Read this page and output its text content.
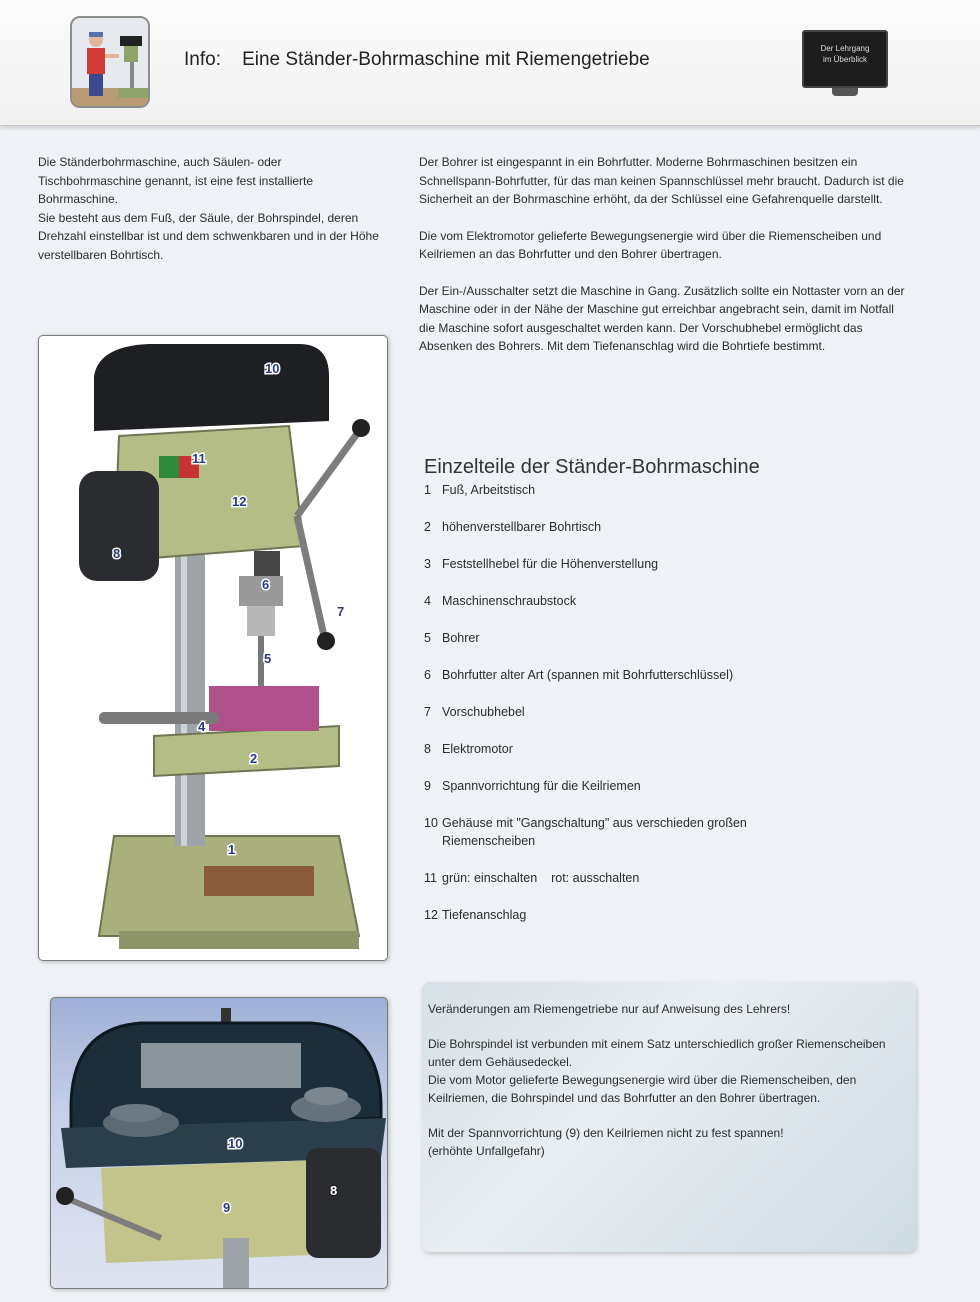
Info:    Eine Ständer-Bohrmaschine mit Riemengetriebe
Der Lehrgang
im Überblick
Die Ständerbohrmaschine, auch Säulen- oder Tischbohrmaschine genannt, ist eine fest installierte Bohrmaschine.
Sie besteht aus dem Fuß, der Säule, der Bohrspindel, deren Drehzahl einstellbar ist und dem schwenkbaren und in der Höhe verstellbaren Bohrtisch.
Der Bohrer ist eingespannt in ein Bohrfutter. Moderne Bohrmaschinen besitzen ein Schnellspann-Bohrfutter, für das man keinen Spannschlüssel mehr braucht. Dadurch ist die Sicherheit an der Bohrmaschine erhöht, da der Schlüssel eine Gefahrenquelle darstellt.
Die vom Elektromotor gelieferte Bewegungsenergie wird über die Riemenscheiben und Keilriemen an das Bohrfutter und den Bohrer übertragen.
Der Ein-/Ausschalter setzt die Maschine in Gang. Zusätzlich sollte ein Nottaster vorn an der Maschine oder in der Nähe der Maschine gut erreichbar angebracht sein, damit im Notfall die Maschine sofort ausgeschaltet werden kann. Der Vorschubhebel ermöglicht das Absenken des Bohrers. Mit dem Tiefenanschlag wird die Bohrtiefe bestimmt.
10
11
12
8
6
7
5
4
2
1
Einzelteile der Ständer-Bohrmaschine
1 Fuß, Arbeitstisch
2 höhenverstellbarer Bohrtisch
3 Feststellhebel für die Höhenverstellung
4 Maschinenschraubstock
5 Bohrer
6 Bohrfutter alter Art (spannen mit Bohrfutterschlüssel)
7 Vorschubhebel
8 Elektromotor
9 Spannvorrichtung für die Keilriemen
10 Gehäuse mit "Gangschaltung" aus verschieden großen Riemenscheiben
11 grün: einschalten    rot: ausschalten
12 Tiefenanschlag
10
9
8
Veränderungen am Riemengetriebe nur auf Anweisung des Lehrers!
Die Bohrspindel ist verbunden mit einem Satz unterschiedlich großer Riemenscheiben unter dem Gehäusedeckel.
Die vom Motor gelieferte Bewegungsenergie wird über die Riemenscheiben, den Keilriemen, die Bohrspindel und das Bohrfutter an den Bohrer übertragen.
Mit der Spannvorrichtung (9) den Keilriemen nicht zu fest spannen!
(erhöhte Unfallgefahr)
